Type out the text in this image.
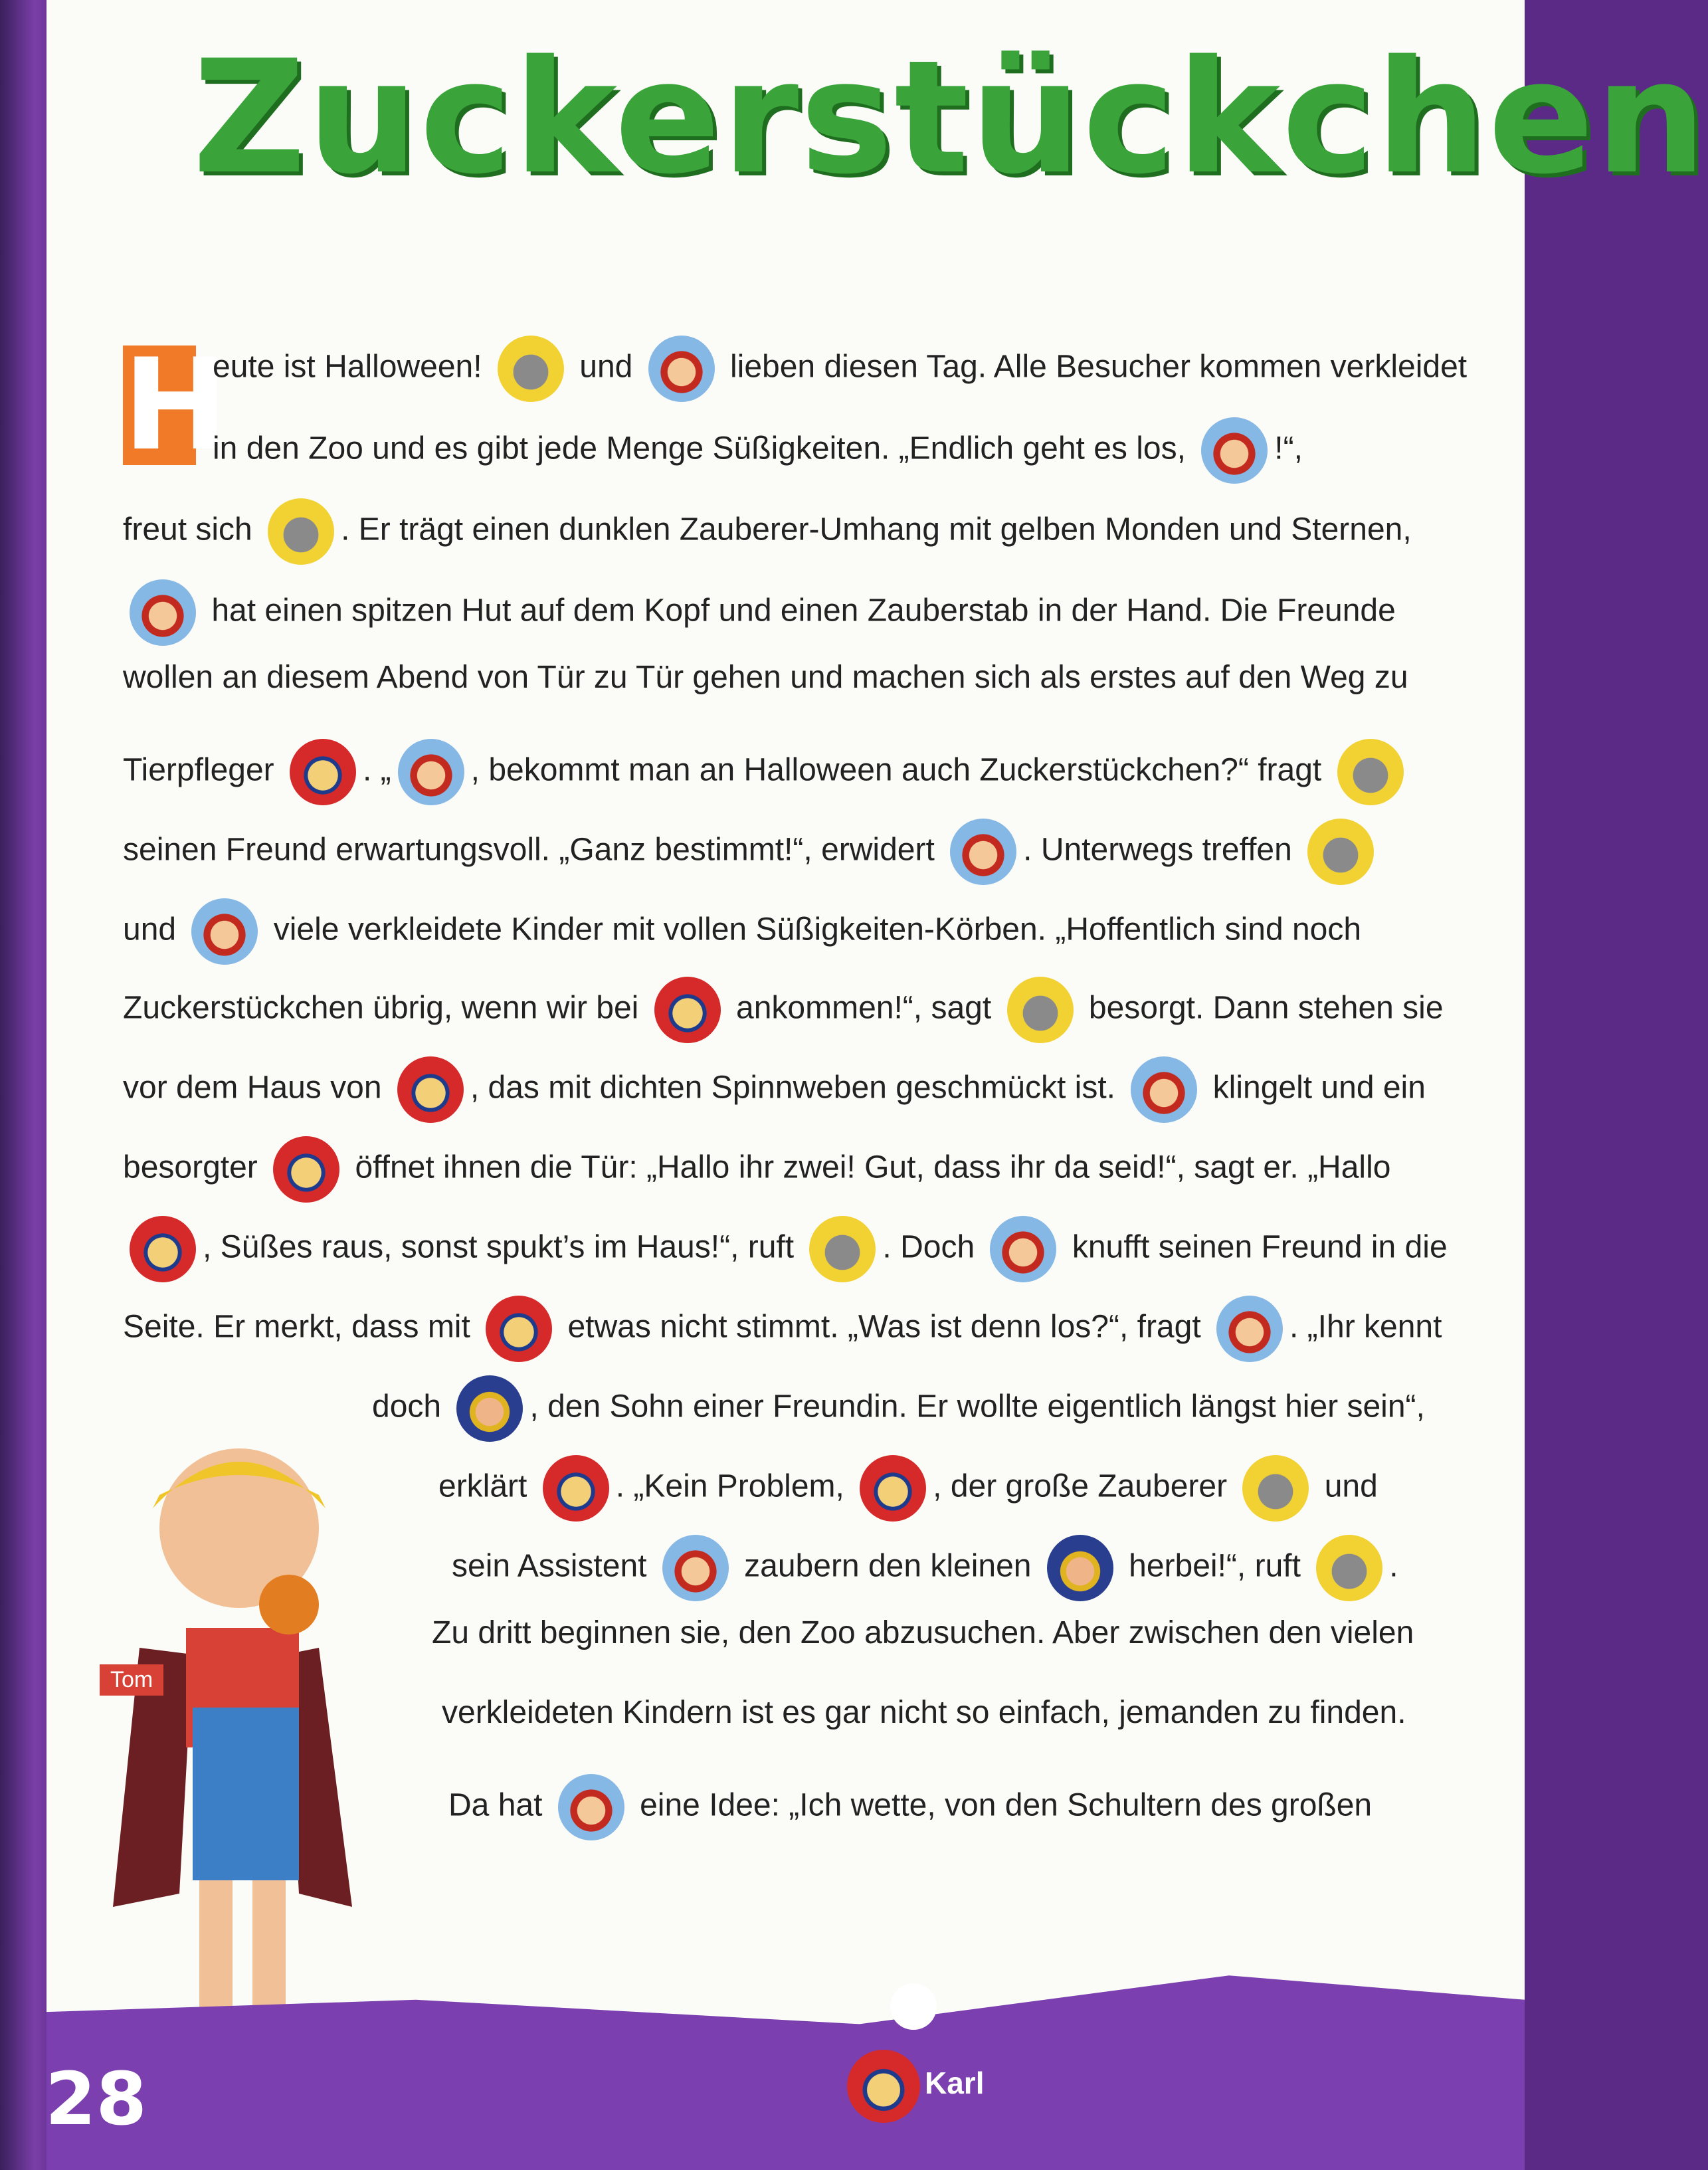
Zuckerstückchen
H
eute ist Halloween!	und	lieben diesen Tag. Alle Besucher kommen verkleidet
in den Zoo und es gibt jede Menge Süßigkeiten. „Endlich geht es los,	!“,
freut sich	. Er trägt einen dunklen Zauberer-Umhang mit gelben Monden und Sternen,
hat einen spitzen Hut auf dem Kopf und einen Zauberstab in der Hand. Die Freunde
wollen an diesem Abend von Tür zu Tür gehen und machen sich als erstes auf den Weg zu
Tierpfleger	. „	, bekommt man an Halloween auch Zuckerstückchen?“ fragt
seinen Freund erwartungsvoll. „Ganz bestimmt!“, erwidert	. Unterwegs treffen
und	viele verkleidete Kinder mit vollen Süßigkeiten-Körben. „Hoffentlich sind noch
Zuckerstückchen übrig, wenn wir bei	ankommen!“, sagt	besorgt. Dann stehen sie
vor dem Haus von	, das mit dichten Spinnweben geschmückt ist.	klingelt und ein
besorgter	öffnet ihnen die Tür: „Hallo ihr zwei! Gut, dass ihr da seid!“, sagt er. „Hallo
, Süßes raus, sonst spukt’s im Haus!“, ruft	. Doch	knufft seinen Freund in die
Seite. Er merkt, dass mit	etwas nicht stimmt. „Was ist denn los?“, fragt	. „Ihr kennt
doch	, den Sohn einer Freundin. Er wollte eigentlich längst hier sein“,
erklärt	. „Kein Problem,	, der große Zauberer	und
sein Assistent	zaubern den kleinen	herbei!“, ruft	.
Zu dritt beginnen sie, den Zoo abzusuchen. Aber zwischen den vielen
verkleideten Kindern ist es gar nicht so einfach, jemanden zu finden.
Da hat	eine Idee: „Ich wette, von den Schultern des großen
Tom
Karl
28
